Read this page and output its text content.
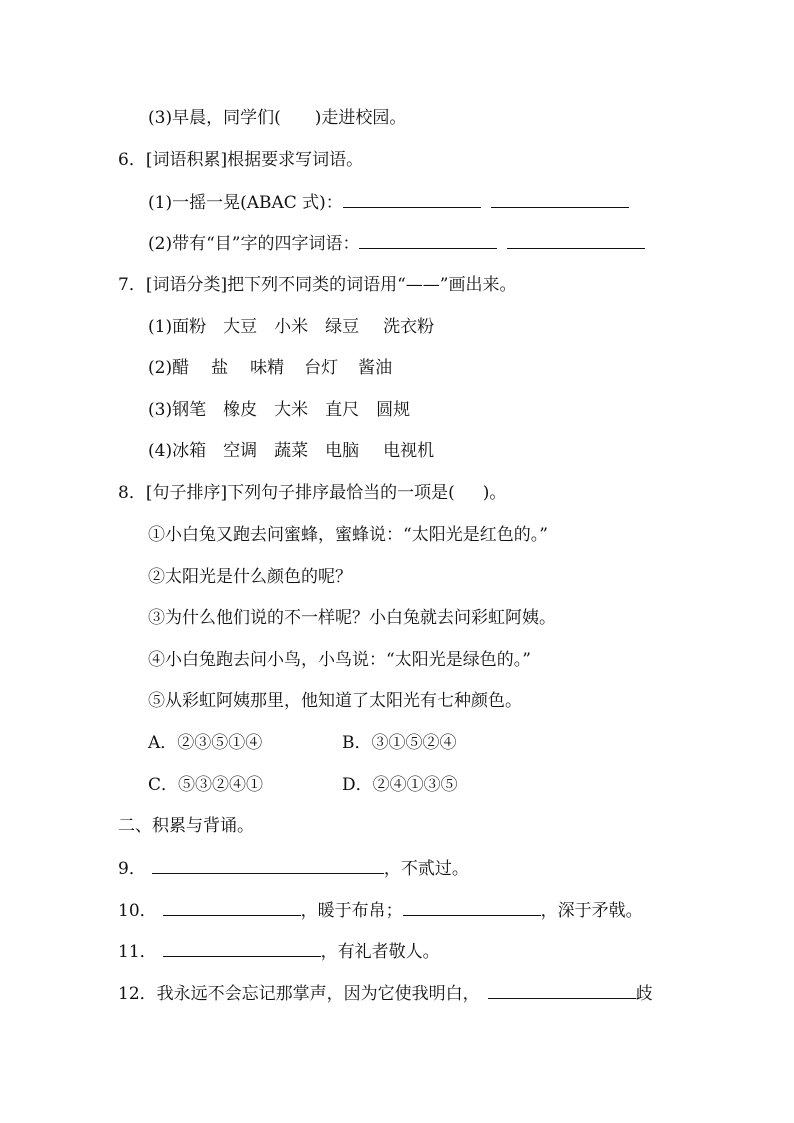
(3)早晨，同学们( )走进校园。
6．[词语积累]根据要求写词语。
(1)一摇一晃(ABAC 式)：
(2)带有“目”字的四字词语：
7．[词语分类]把下列不同类的词语用“——”画出来。
(1)面粉 大豆 小米 绿豆 洗衣粉
(2)醋 盐 味精 台灯 酱油
(3)钢笔 橡皮 大米 直尺 圆规
(4)冰箱 空调 蔬菜 电脑 电视机
8．[句子排序]下列句子排序最恰当的一项是( )。
①小白兔又跑去问蜜蜂，蜜蜂说：“太阳光是红色的。”
②太阳光是什么颜色的呢？
③为什么他们说的不一样呢？小白兔就去问彩虹阿姨。
④小白兔跑去问小鸟，小鸟说：“太阳光是绿色的。”
⑤从彩虹阿姨那里，他知道了太阳光有七种颜色。
A．②③⑤①④	B．③①⑤②④
C．⑤③②④①	D．②④①③⑤
二、积累与背诵。
9．	，不贰过。
10．	，暖于布帛；	，深于矛戟。
11．	，有礼者敬人。
12．我永远不会忘记那掌声，因为它使我明白，	歧
